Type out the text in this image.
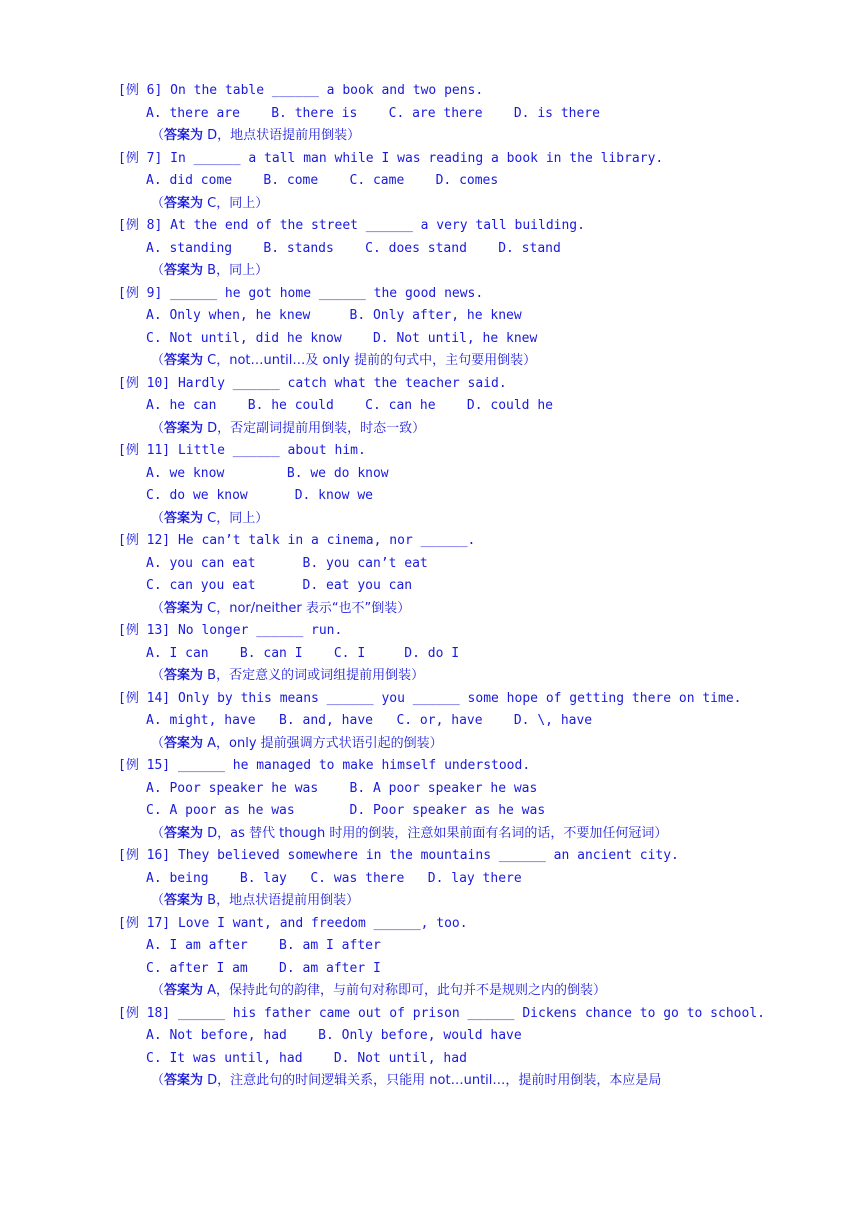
[例 6] On the table ______ a book and two pens.
A. there are    B. there is    C. are there    D. is there
（答案为 D，地点状语提前用倒装）
[例 7] In ______ a tall man while I was reading a book in the library.
A. did come    B. come    C. came    D. comes
（答案为 C，同上）
[例 8] At the end of the street ______ a very tall building.
A. standing    B. stands    C. does stand    D. stand
（答案为 B，同上）
[例 9] ______ he got home ______ the good news.
A. Only when, he knew     B. Only after, he knew
C. Not until, did he know    D. Not until, he knew
（答案为 C，not…until…及 only 提前的句式中，主句要用倒装）
[例 10] Hardly ______ catch what the teacher said.
A. he can    B. he could    C. can he    D. could he
（答案为 D，否定副词提前用倒装，时态一致）
[例 11] Little ______ about him.
A. we know        B. we do know
C. do we know      D. know we
（答案为 C，同上）
[例 12] He can’t talk in a cinema, nor ______.
A. you can eat      B. you can’t eat
C. can you eat      D. eat you can
（答案为 C，nor/neither 表示“也不”倒装）
[例 13] No longer ______ run.
A. I can    B. can I    C. I     D. do I
（答案为 B，否定意义的词或词组提前用倒装）
[例 14] Only by this means ______ you ______ some hope of getting there on time.
A. might, have   B. and, have   C. or, have    D. \, have
（答案为 A，only 提前强调方式状语引起的倒装）
[例 15] ______ he managed to make himself understood.
A. Poor speaker he was    B. A poor speaker he was
C. A poor as he was       D. Poor speaker as he was
（答案为 D，as 替代 though 时用的倒装，注意如果前面有名词的话，不要加任何冠词）
[例 16] They believed somewhere in the mountains ______ an ancient city.
A. being    B. lay   C. was there   D. lay there
（答案为 B，地点状语提前用倒装）
[例 17] Love I want, and freedom ______, too.
A. I am after    B. am I after
C. after I am    D. am after I
（答案为 A，保持此句的韵律，与前句对称即可，此句并不是规则之内的倒装）
[例 18] ______ his father came out of prison ______ Dickens chance to go to school.
A. Not before, had    B. Only before, would have
C. It was until, had    D. Not until, had
（答案为 D，注意此句的时间逻辑关系，只能用 not…until…，提前时用倒装，本应是局
